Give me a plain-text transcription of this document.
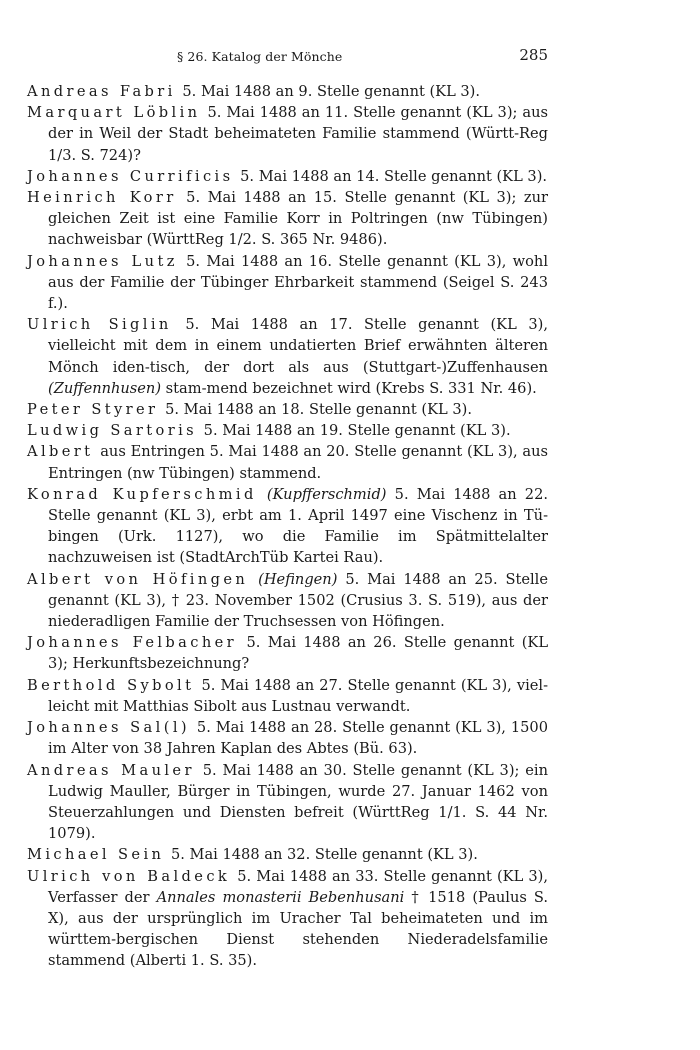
§ 26. Katalog der Mönche	285
Andreas Fabri 5. Mai 1488 an 9. Stelle genannt (KL 3).
Marquart Löblin 5. Mai 1488 an 11. Stelle genannt (KL 3); aus der in Weil der Stadt beheimateten Familie stammend (Württ-Reg 1/3. S. 724)?
Johannes Currificis 5. Mai 1488 an 14. Stelle genannt (KL 3).
Heinrich Korr 5. Mai 1488 an 15. Stelle genannt (KL 3); zur gleichen Zeit ist eine Familie Korr in Poltringen (nw Tübingen) nachweisbar (WürttReg 1/2. S. 365 Nr. 9486).
Johannes Lutz 5. Mai 1488 an 16. Stelle genannt (KL 3), wohl aus der Familie der Tübinger Ehrbarkeit stammend (Seigel S. 243 f.).
Ulrich Siglin 5. Mai 1488 an 17. Stelle genannt (KL 3), vielleicht mit dem in einem undatierten Brief erwähnten älteren Mönch iden-tisch, der dort als aus (Stuttgart-)Zuffenhausen (Zuffennhusen) stam-mend bezeichnet wird (Krebs S. 331 Nr. 46).
Peter Styrer 5. Mai 1488 an 18. Stelle genannt (KL 3).
Ludwig Sartoris 5. Mai 1488 an 19. Stelle genannt (KL 3).
Albert aus Entringen 5. Mai 1488 an 20. Stelle genannt (KL 3), aus Entringen (nw Tübingen) stammend.
Konrad Kupferschmid (Kupfferschmid) 5. Mai 1488 an 22. Stelle genannt (KL 3), erbt am 1. April 1497 eine Vischenz in Tü-bingen (Urk. 1127), wo die Familie im Spätmittelalter nachzuweisen ist (StadtArchTüb Kartei Rau).
Albert von Höfingen (Hefingen) 5. Mai 1488 an 25. Stelle genannt (KL 3), † 23. November 1502 (Crusius 3. S. 519), aus der niederadligen Familie der Truchsessen von Höfingen.
Johannes Felbacher 5. Mai 1488 an 26. Stelle genannt (KL 3); Herkunftsbezeichnung?
Berthold Sybolt 5. Mai 1488 an 27. Stelle genannt (KL 3), viel-leicht mit Matthias Sibolt aus Lustnau verwandt.
Johannes Sal(l) 5. Mai 1488 an 28. Stelle genannt (KL 3), 1500 im Alter von 38 Jahren Kaplan des Abtes (Bü. 63).
Andreas Mauler 5. Mai 1488 an 30. Stelle genannt (KL 3); ein Ludwig Mauller, Bürger in Tübingen, wurde 27. Januar 1462 von Steuerzahlungen und Diensten befreit (WürttReg 1/1. S. 44 Nr. 1079).
Michael Sein 5. Mai 1488 an 32. Stelle genannt (KL 3).
Ulrich von Baldeck 5. Mai 1488 an 33. Stelle genannt (KL 3), Verfasser der Annales monasterii Bebenhusani † 1518 (Paulus S. X), aus der ursprünglich im Uracher Tal beheimateten und im württem-bergischen Dienst stehenden Niederadelsfamilie stammend (Alberti 1. S. 35).
